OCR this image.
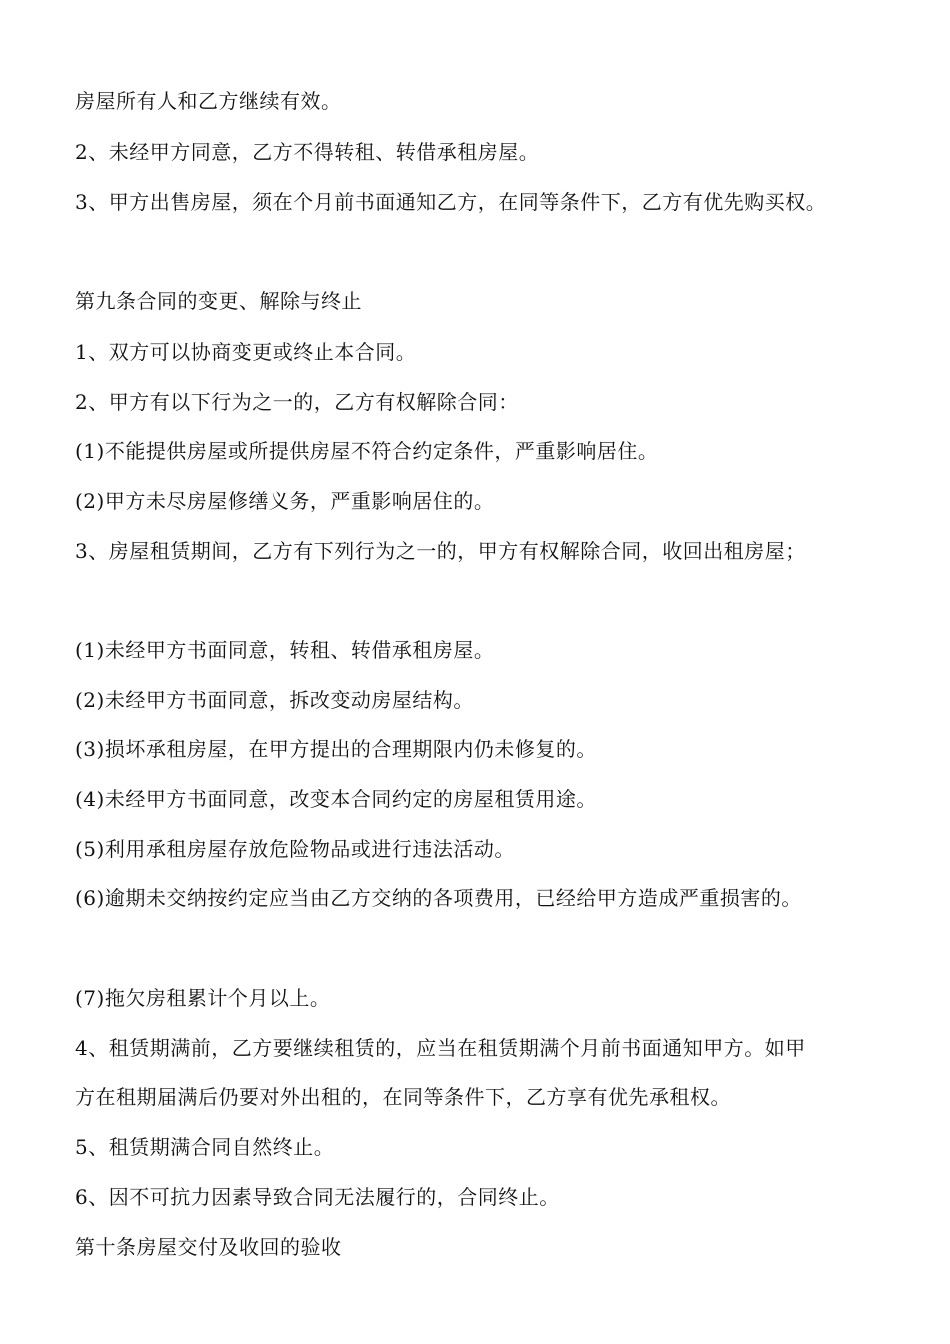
房屋所有人和乙方继续有效。
2、未经甲方同意，乙方不得转租、转借承租房屋。
3、甲方出售房屋，须在个月前书面通知乙方，在同等条件下，乙方有优先购买权。
第九条合同的变更、解除与终止
1、双方可以协商变更或终止本合同。
2、甲方有以下行为之一的，乙方有权解除合同：
(1)不能提供房屋或所提供房屋不符合约定条件，严重影响居住。
(2)甲方未尽房屋修缮义务，严重影响居住的。
3、房屋租赁期间，乙方有下列行为之一的，甲方有权解除合同，收回出租房屋；
(1)未经甲方书面同意，转租、转借承租房屋。
(2)未经甲方书面同意，拆改变动房屋结构。
(3)损坏承租房屋，在甲方提出的合理期限内仍未修复的。
(4)未经甲方书面同意，改变本合同约定的房屋租赁用途。
(5)利用承租房屋存放危险物品或进行违法活动。
(6)逾期未交纳按约定应当由乙方交纳的各项费用，已经给甲方造成严重损害的。
(7)拖欠房租累计个月以上。
4、租赁期满前，乙方要继续租赁的，应当在租赁期满个月前书面通知甲方。如甲
方在租期届满后仍要对外出租的，在同等条件下，乙方享有优先承租权。
5、租赁期满合同自然终止。
6、因不可抗力因素导致合同无法履行的，合同终止。
第十条房屋交付及收回的验收
